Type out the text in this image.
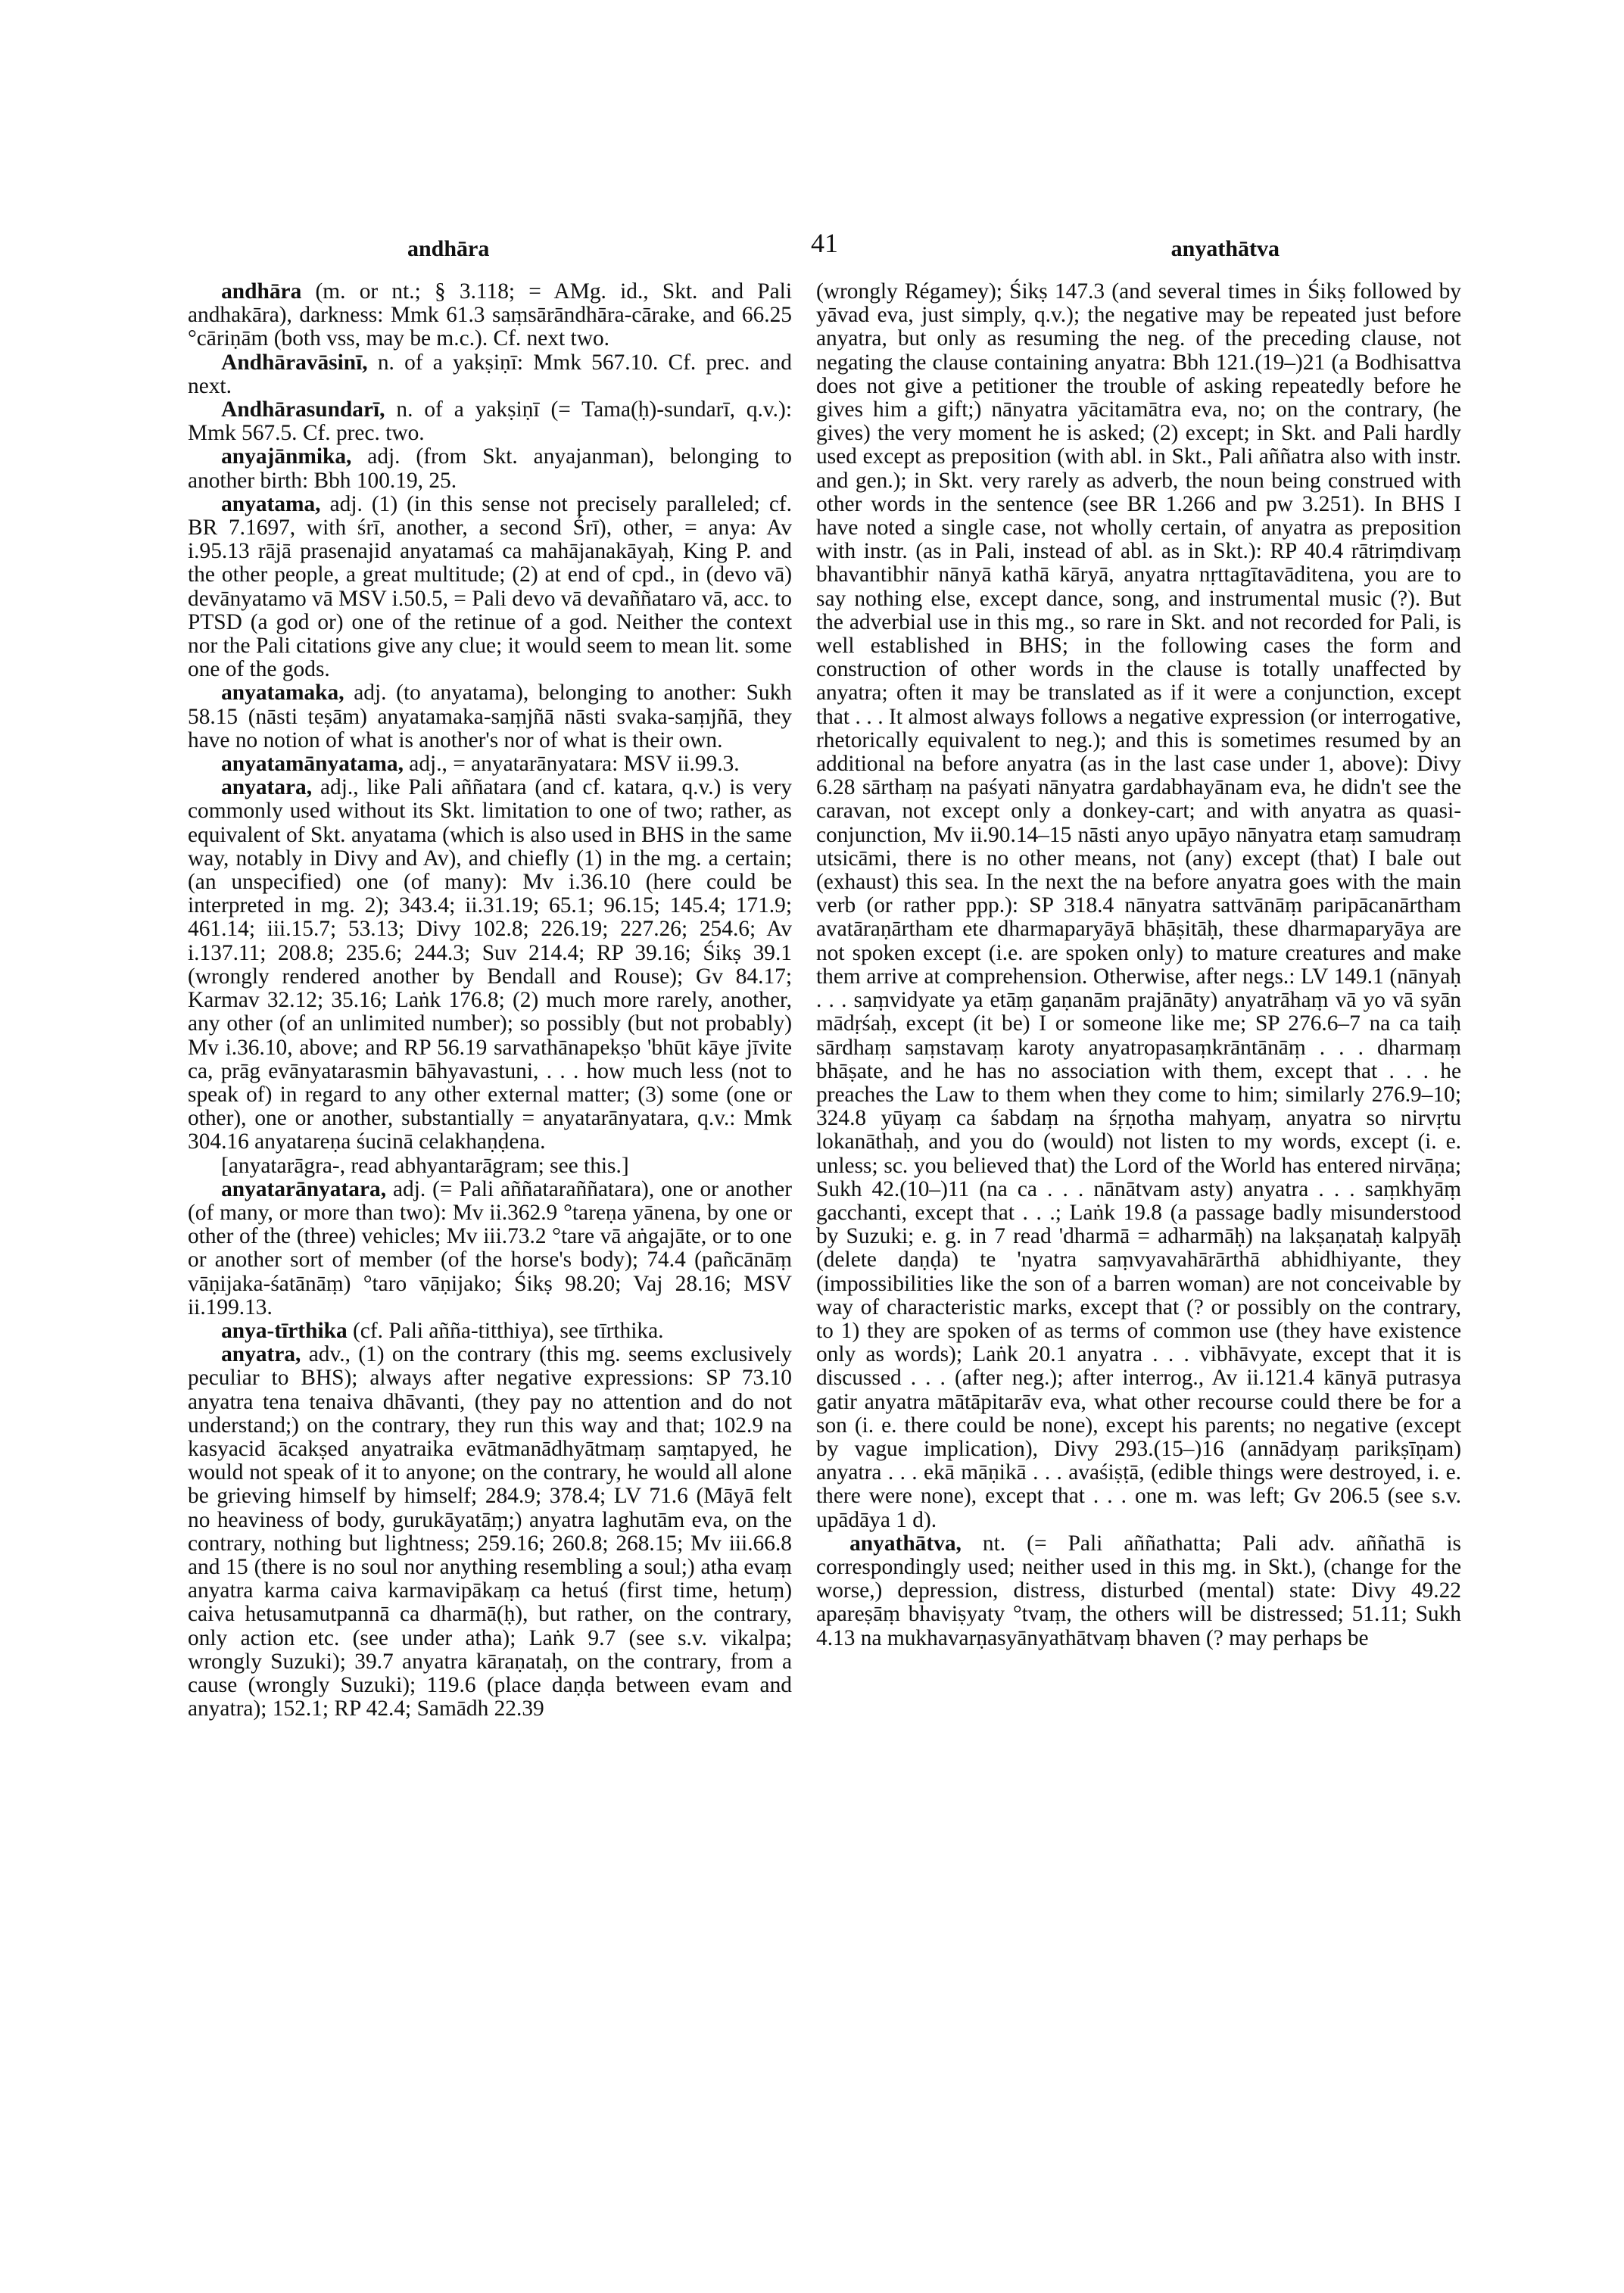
andhāra	41	anyathātva

andhāra (m. or nt.; § 3.118; = AMg. id., Skt. and Pali andhakāra), darkness: Mmk 61.3 saṃsārāndhāra-cārake, and 66.25 °cāriṇām (both vss, may be m.c.). Cf. next two.

Andhāravāsinī, n. of a yakṣiṇī: Mmk 567.10. Cf. prec. and next.

Andhārasundarī, n. of a yakṣiṇī (= Tama(ḥ)-sundarī, q.v.): Mmk 567.5. Cf. prec. two.

anyajānmika, adj. (from Skt. anyajanman), belonging to another birth: Bbh 100.19, 25.

anyatama, adj. (1) (in this sense not precisely paralleled; cf. BR 7.1697, with śrī, another, a second Śrī), other, = anya: Av i.95.13 rājā prasenajid anyatamaś ca mahājanakāyaḥ, King P. and the other people, a great multitude; (2) at end of cpd., in (devo vā) devānyatamo vā MSV i.50.5, = Pali devo vā devaññataro vā, acc. to PTSD (a god or) one of the retinue of a god. Neither the context nor the Pali citations give any clue; it would seem to mean lit. some one of the gods.

anyatamaka, adj. (to anyatama), belonging to another: Sukh 58.15 (nāsti teṣām) anyatamaka-saṃjñā nāsti svaka-saṃjñā, they have no notion of what is another's nor of what is their own.

anyatamānyatama, adj., = anyatarānyatara: MSV ii.99.3.

anyatara, adj., like Pali aññatara (and cf. katara, q.v.) is very commonly used without its Skt. limitation to one of two; rather, as equivalent of Skt. anyatama (which is also used in BHS in the same way, notably in Divy and Av), and chiefly (1) in the mg. a certain; (an unspecified) one (of many): Mv i.36.10 (here could be interpreted in mg. 2); 343.4; ii.31.19; 65.1; 96.15; 145.4; 171.9; 461.14; iii.15.7; 53.13; Divy 102.8; 226.19; 227.26; 254.6; Av i.137.11; 208.8; 235.6; 244.3; Suv 214.4; RP 39.16; Śikṣ 39.1 (wrongly rendered another by Bendall and Rouse); Gv 84.17; Karmav 32.12; 35.16; Laṅk 176.8; (2) much more rarely, another, any other (of an unlimited number); so possibly (but not probably) Mv i.36.10, above; and RP 56.19 sarvathānapekṣo 'bhūt kāye jīvite ca, prāg evānyatarasmin bāhyavastuni, . . . how much less (not to speak of) in regard to any other external matter; (3) some (one or other), one or another, substantially = anyatarānyatara, q.v.: Mmk 304.16 anyatareṇa śucinā celakhaṇḍena.

[anyatarāgra-, read abhyantarāgram; see this.]

anyatarānyatara, adj. (= Pali aññataraññatara), one or another (of many, or more than two): Mv ii.362.9 °tareṇa yānena, by one or other of the (three) vehicles; Mv iii.73.2 °tare vā aṅgajāte, or to one or another sort of member (of the horse's body); 74.4 (pañcānāṃ vāṇijaka-śatānāṃ) °taro vāṇijako; Śikṣ 98.20; Vaj 28.16; MSV ii.199.13.

anya-tīrthika (cf. Pali añña-titthiya), see tīrthika.

anyatra, adv., (1) on the contrary (this mg. seems exclusively peculiar to BHS); always after negative expressions: SP 73.10 anyatra tena tenaiva dhāvanti, (they pay no attention and do not understand;) on the contrary, they run this way and that; 102.9 na kasyacid ācakṣed anyatraika evātmanādhyātmaṃ saṃtapyed, he would not speak of it to anyone; on the contrary, he would all alone be grieving himself by himself; 284.9; 378.4; LV 71.6 (Māyā felt no heaviness of body, gurukāyatāṃ;) anyatra laghutām eva, on the contrary, nothing but lightness; 259.16; 260.8; 268.15; Mv iii.66.8 and 15 (there is no soul nor anything resembling a soul;) atha evaṃ anyatra karma caiva karmavipākaṃ ca hetuś (first time, hetuṃ) caiva hetusamutpannā ca dharmā(ḥ), but rather, on the contrary, only action etc. (see under atha); Laṅk 9.7 (see s.v. vikalpa; wrongly Suzuki); 39.7 anyatra kāraṇataḥ, on the contrary, from a cause (wrongly Suzuki); 119.6 (place daṇḍa between evam and anyatra); 152.1; RP 42.4; Samādh 22.39

(wrongly Régamey); Śikṣ 147.3 (and several times in Śikṣ followed by yāvad eva, just simply, q.v.); the negative may be repeated just before anyatra, but only as resuming the neg. of the preceding clause, not negating the clause containing anyatra: Bbh 121.(19–)21 (a Bodhisattva does not give a petitioner the trouble of asking repeatedly before he gives him a gift;) nānyatra yācitamātra eva, no; on the contrary, (he gives) the very moment he is asked; (2) except; in Skt. and Pali hardly used except as preposition (with abl. in Skt., Pali aññatra also with instr. and gen.); in Skt. very rarely as adverb, the noun being construed with other words in the sentence (see BR 1.266 and pw 3.251). In BHS I have noted a single case, not wholly certain, of anyatra as preposition with instr. (as in Pali, instead of abl. as in Skt.): RP 40.4 rātriṃdivaṃ bhavantibhir nānyā kathā kāryā, anyatra nṛttagītavāditena, you are to say nothing else, except dance, song, and instrumental music (?). But the adverbial use in this mg., so rare in Skt. and not recorded for Pali, is well established in BHS; in the following cases the form and construction of other words in the clause is totally unaffected by anyatra; often it may be translated as if it were a conjunction, except that . . . It almost always follows a negative expression (or interrogative, rhetorically equivalent to neg.); and this is sometimes resumed by an additional na before anyatra (as in the last case under 1, above): Divy 6.28 sārthaṃ na paśyati nānyatra gardabhayānam eva, he didn't see the caravan, not except only a donkey-cart; and with anyatra as quasi-conjunction, Mv ii.90.14–15 nāsti anyo upāyo nānyatra etaṃ samudraṃ utsicāmi, there is no other means, not (any) except (that) I bale out (exhaust) this sea. In the next the na before anyatra goes with the main verb (or rather ppp.): SP 318.4 nānyatra sattvānāṃ paripācanārtham avatāraṇārtham ete dharmaparyāyā bhāṣitāḥ, these dharmaparyāya are not spoken except (i.e. are spoken only) to mature creatures and make them arrive at comprehension. Otherwise, after negs.: LV 149.1 (nānyaḥ . . . saṃvidyate ya etāṃ gaṇanām prajānāty) anyatrāhaṃ vā yo vā syān mādṛśaḥ, except (it be) I or someone like me; SP 276.6–7 na ca taiḥ sārdhaṃ saṃstavaṃ karoty anyatropasaṃkrāntānāṃ . . . dharmaṃ bhāṣate, and he has no association with them, except that . . . he preaches the Law to them when they come to him; similarly 276.9–10; 324.8 yūyaṃ ca śabdaṃ na śṛṇotha mahyaṃ, anyatra so nirvṛtu lokanāthaḥ, and you do (would) not listen to my words, except (i. e. unless; sc. you believed that) the Lord of the World has entered nirvāṇa; Sukh 42.(10–)11 (na ca . . . nānātvam asty) anyatra . . . saṃkhyāṃ gacchanti, except that . . .; Laṅk 19.8 (a passage badly misunderstood by Suzuki; e. g. in 7 read 'dharmā = adharmāḥ) na lakṣaṇataḥ kalpyāḥ (delete daṇḍa) te 'nyatra saṃvyavahārārthā abhidhiyante, they (impossibilities like the son of a barren woman) are not conceivable by way of characteristic marks, except that (? or possibly on the contrary, to 1) they are spoken of as terms of common use (they have existence only as words); Laṅk 20.1 anyatra . . . vibhāvyate, except that it is discussed . . . (after neg.); after interrog., Av ii.121.4 kānyā putrasya gatir anyatra mātāpitarāv eva, what other recourse could there be for a son (i. e. there could be none), except his parents; no negative (except by vague implication), Divy 293.(15–)16 (annādyaṃ parikṣīṇam) anyatra . . . ekā māṇikā . . . avaśiṣṭā, (edible things were destroyed, i. e. there were none), except that . . . one m. was left; Gv 206.5 (see s.v. upādāya 1 d).

anyathātva, nt. (= Pali aññathatta; Pali adv. aññathā is correspondingly used; neither used in this mg. in Skt.), (change for the worse,) depression, distress, disturbed (mental) state: Divy 49.22 apareṣāṃ bhaviṣyaty °tvaṃ, the others will be distressed; 51.11; Sukh 4.13 na mukhavarṇasyānyathātvaṃ bhaven (? may perhaps be
